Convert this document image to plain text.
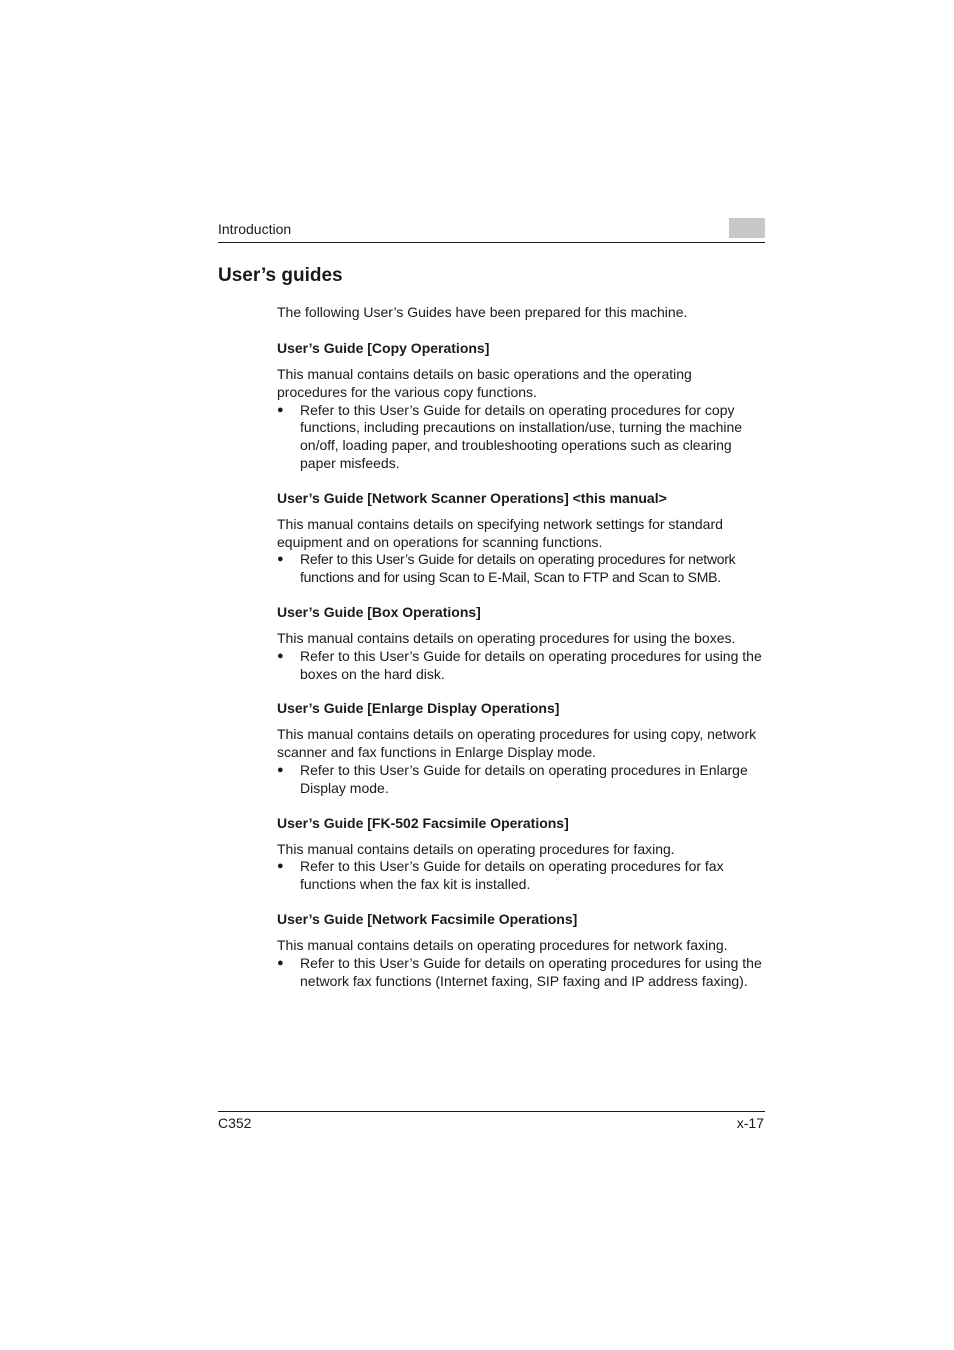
Introduction
User’s guides

The following User’s Guides have been prepared for this machine.

User’s Guide [Copy Operations]

This manual contains details on basic operations and the operating procedures for the various copy functions.

● Refer to this User’s Guide for details on operating procedures for copy functions, including precautions on installation/use, turning the machine on/off, loading paper, and troubleshooting operations such as clearing paper misfeeds.
User’s Guide [Network Scanner Operations] <this manual>

This manual contains details on specifying network settings for standard equipment and on operations for scanning functions.

● Refer to this User’s Guide for details on operating procedures for network functions and for using Scan to E-Mail, Scan to FTP and Scan to SMB.
User’s Guide [Box Operations]

This manual contains details on operating procedures for using the boxes.

● Refer to this User’s Guide for details on operating procedures for using the boxes on the hard disk.
User’s Guide [Enlarge Display Operations]

This manual contains details on operating procedures for using copy, network scanner and fax functions in Enlarge Display mode.

● Refer to this User’s Guide for details on operating procedures in Enlarge Display mode.
User’s Guide [FK-502 Facsimile Operations]

This manual contains details on operating procedures for faxing.

● Refer to this User’s Guide for details on operating procedures for fax functions when the fax kit is installed.
User’s Guide [Network Facsimile Operations]

This manual contains details on operating procedures for network faxing.

● Refer to this User’s Guide for details on operating procedures for using the network fax functions (Internet faxing, SIP faxing and IP address faxing).
C352	x-17
